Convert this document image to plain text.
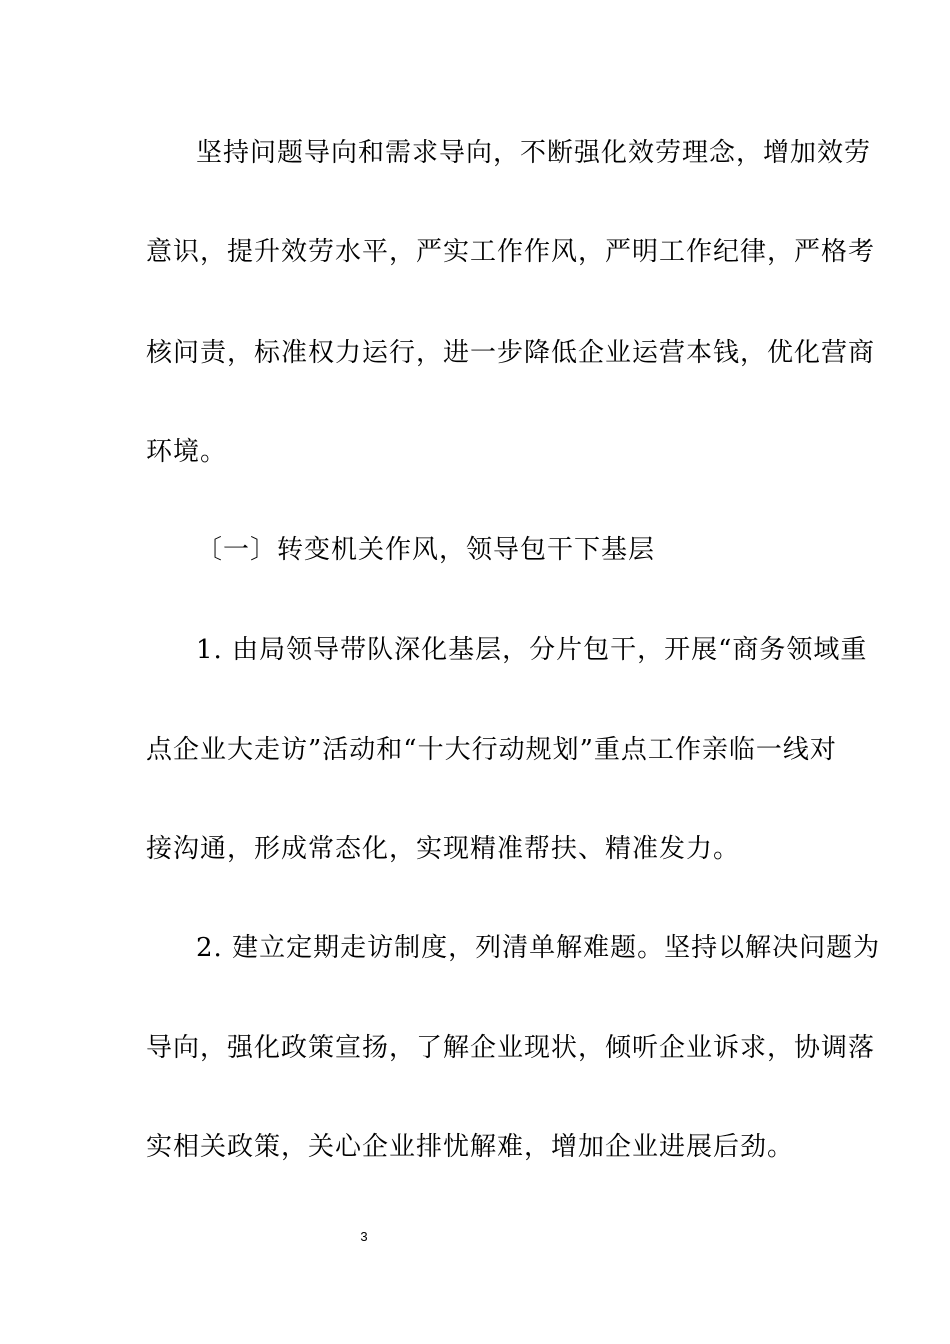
坚持问题导向和需求导向，不断强化效劳理念，增加效劳
意识，提升效劳水平，严实工作作风，严明工作纪律，严格考
核问责，标准权力运行，进一步降低企业运营本钱，优化营商
环境。
〔一〕转变机关作风，领导包干下基层
1. 由局领导带队深化基层，分片包干，开展“商务领域重
点企业大走访”活动和“十大行动规划”重点工作亲临一线对
接沟通，形成常态化，实现精准帮扶、精准发力。
2. 建立定期走访制度，列清单解难题。坚持以解决问题为
导向，强化政策宣扬，了解企业现状，倾听企业诉求，协调落
实相关政策，关心企业排忧解难，增加企业进展后劲。
3
